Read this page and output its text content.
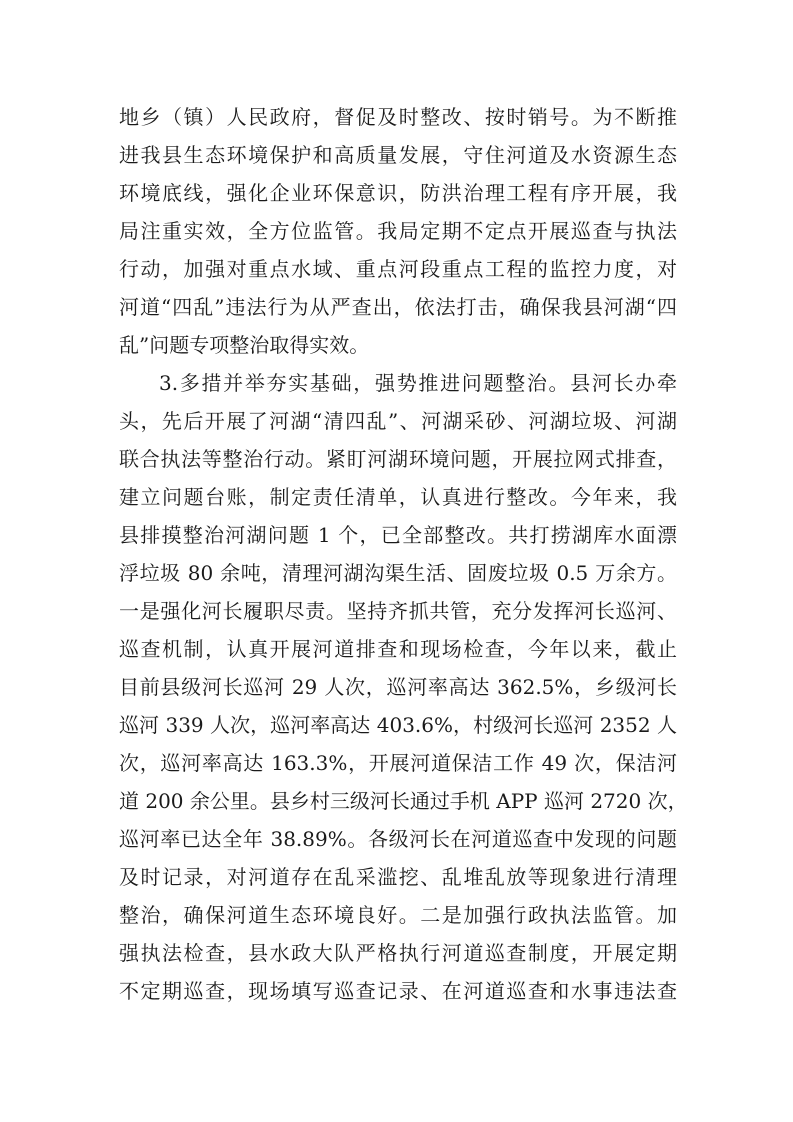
地乡（镇）人民政府，督促及时整改、按时销号。为不断推
进我县生态环境保护和高质量发展，守住河道及水资源生态
环境底线，强化企业环保意识，防洪治理工程有序开展，我
局注重实效，全方位监管。我局定期不定点开展巡查与执法
行动，加强对重点水域、重点河段重点工程的监控力度，对
河道“四乱”违法行为从严查出，依法打击，确保我县河湖“四
乱”问题专项整治取得实效。
3.多措并举夯实基础，强势推进问题整治。县河长办牵
头，先后开展了河湖“清四乱”、河湖采砂、河湖垃圾、河湖
联合执法等整治行动。紧盯河湖环境问题，开展拉网式排查，
建立问题台账，制定责任清单，认真进行整改。今年来，我
县排摸整治河湖问题 1 个，已全部整改。共打捞湖库水面漂
浮垃圾 80 余吨，清理河湖沟渠生活、固废垃圾 0.5 万余方。
一是强化河长履职尽责。坚持齐抓共管，充分发挥河长巡河、
巡查机制，认真开展河道排查和现场检查，今年以来，截止
目前县级河长巡河 29 人次，巡河率高达 362.5%，乡级河长
巡河 339 人次，巡河率高达 403.6%，村级河长巡河 2352 人
次，巡河率高达 163.3%，开展河道保洁工作 49 次，保洁河
道 200 余公里。县乡村三级河长通过手机 APP 巡河 2720 次，
巡河率已达全年 38.89%。各级河长在河道巡查中发现的问题
及时记录，对河道存在乱采滥挖、乱堆乱放等现象进行清理
整治，确保河道生态环境良好。二是加强行政执法监管。加
强执法检查，县水政大队严格执行河道巡查制度，开展定期
不定期巡查，现场填写巡查记录、在河道巡查和水事违法查
